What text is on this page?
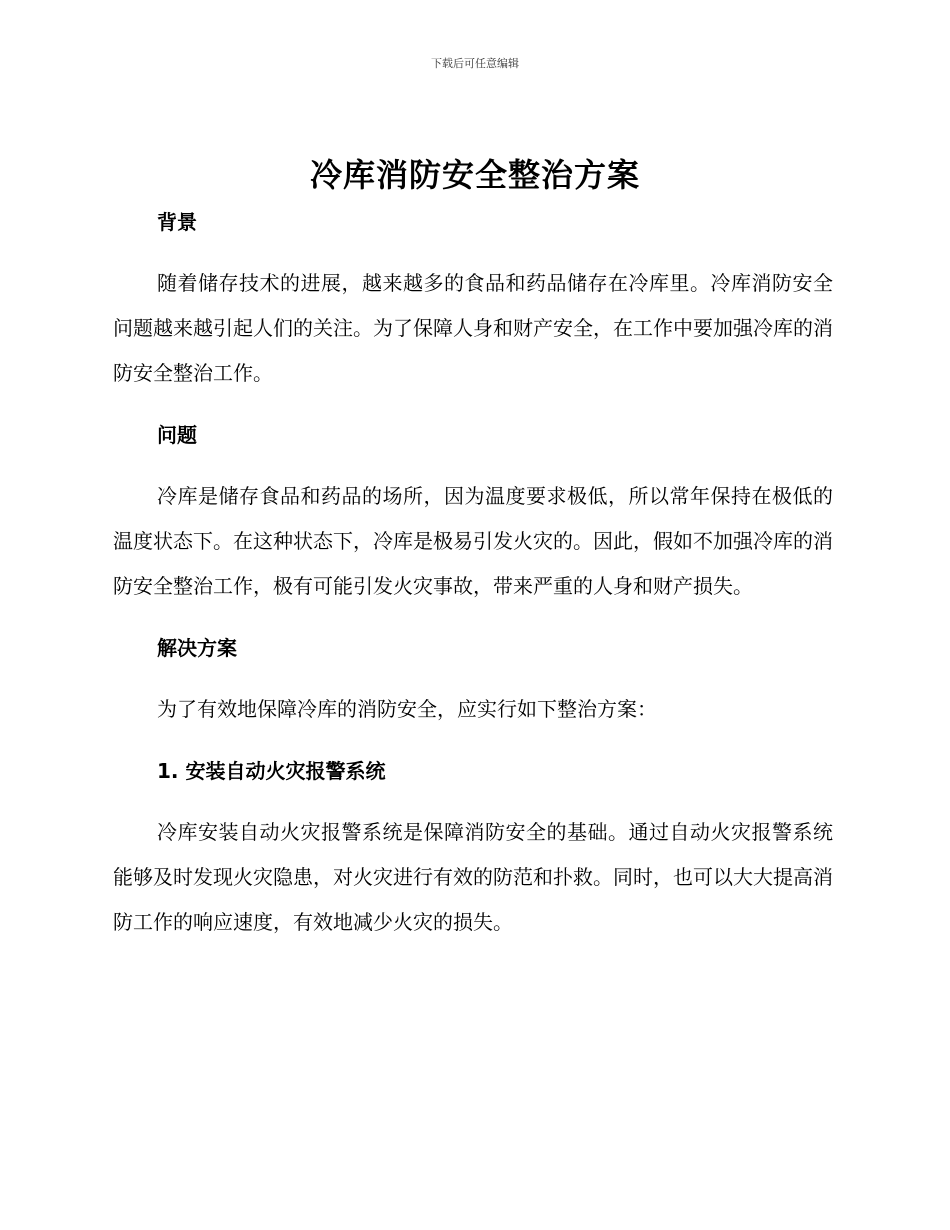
下载后可任意编辑
冷库消防安全整治方案
背景

随着储存技术的进展，越来越多的食品和药品储存在冷库里。冷库消防安全问题越来越引起人们的关注。为了保障人身和财产安全，在工作中要加强冷库的消防安全整治工作。

问题

冷库是储存食品和药品的场所，因为温度要求极低，所以常年保持在极低的温度状态下。在这种状态下，冷库是极易引发火灾的。因此，假如不加强冷库的消防安全整治工作，极有可能引发火灾事故，带来严重的人身和财产损失。

解决方案

为了有效地保障冷库的消防安全，应实行如下整治方案：

1. 安装自动火灾报警系统

冷库安装自动火灾报警系统是保障消防安全的基础。通过自动火灾报警系统能够及时发现火灾隐患，对火灾进行有效的防范和扑救。同时，也可以大大提高消防工作的响应速度，有效地减少火灾的损失。
